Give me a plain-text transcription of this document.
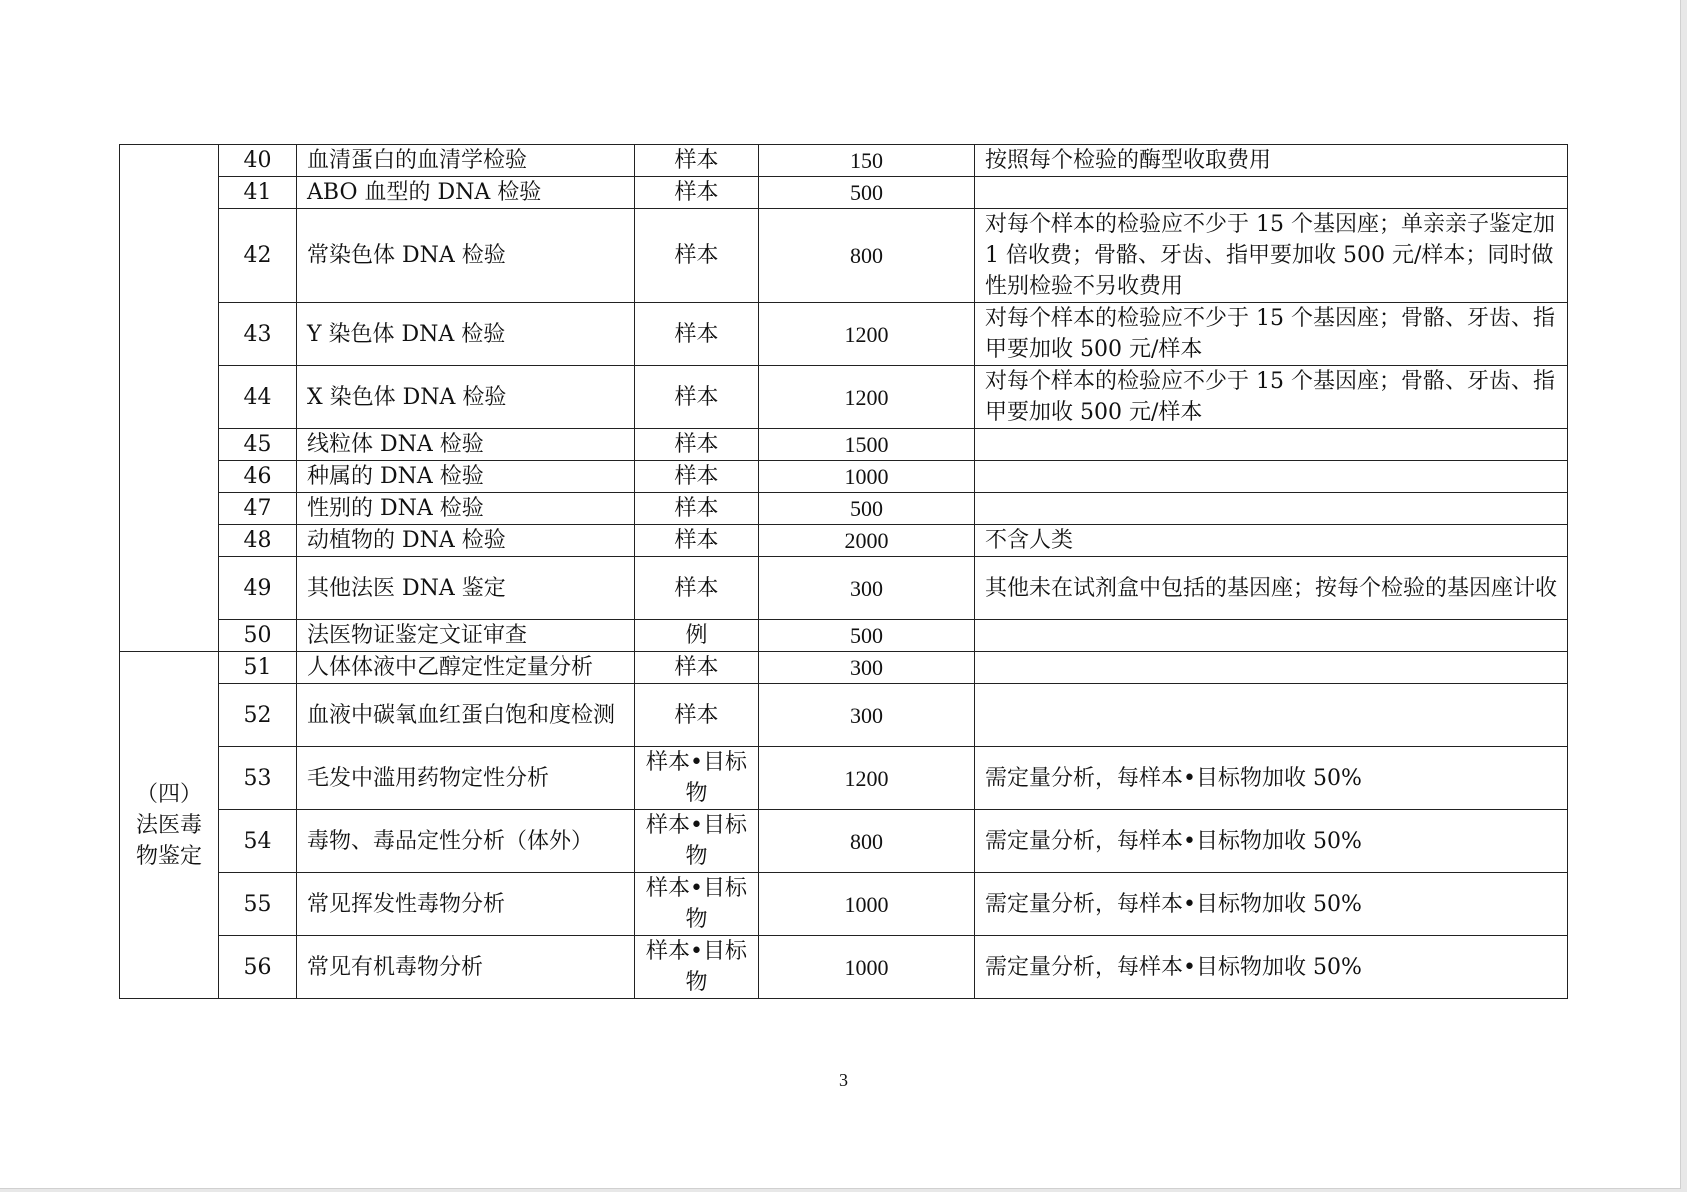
	40	血清蛋白的血清学检验	样本	150	按照每个检验的酶型收取费用
	41	ABO 血型的 DNA 检验	样本	500	
	42	常染色体 DNA 检验	样本	800	对每个样本的检验应不少于 15 个基因座；单亲亲子鉴定加 1 倍收费；骨骼、牙齿、指甲要加收 500 元/样本；同时做性别检验不另收费用
	43	Y 染色体 DNA 检验	样本	1200	对每个样本的检验应不少于 15 个基因座；骨骼、牙齿、指甲要加收 500 元/样本
	44	X 染色体 DNA 检验	样本	1200	对每个样本的检验应不少于 15 个基因座；骨骼、牙齿、指甲要加收 500 元/样本
	45	线粒体 DNA 检验	样本	1500	
	46	种属的 DNA 检验	样本	1000	
	47	性别的 DNA 检验	样本	500	
	48	动植物的 DNA 检验	样本	2000	不含人类
	49	其他法医 DNA 鉴定	样本	300	其他未在试剂盒中包括的基因座；按每个检验的基因座计收
	50	法医物证鉴定文证审查	例	500	
（四）法医毒物鉴定	51	人体体液中乙醇定性定量分析	样本	300	
	52	血液中碳氧血红蛋白饱和度检测	样本	300	
	53	毛发中滥用药物定性分析	样本•目标物	1200	需定量分析，每样本•目标物加收 50%
	54	毒物、毒品定性分析（体外）	样本•目标物	800	需定量分析，每样本•目标物加收 50%
	55	常见挥发性毒物分析	样本•目标物	1000	需定量分析，每样本•目标物加收 50%
	56	常见有机毒物分析	样本•目标物	1000	需定量分析，每样本•目标物加收 50%
3
